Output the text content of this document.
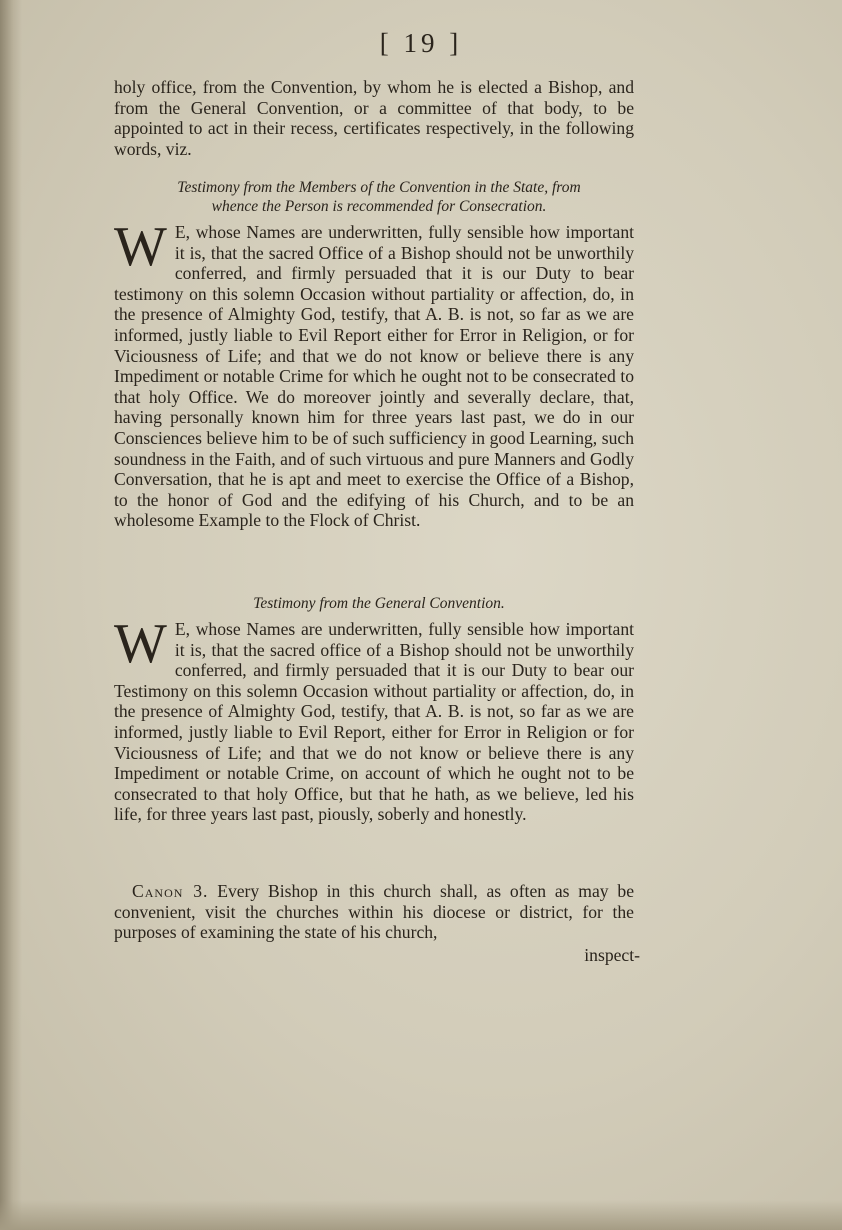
[ 19 ]

holy office, from the Convention, by whom he is elected a Bishop, and from the General Convention, or a committee of that body, to be appointed to act in their recess, certificates respectively, in the following words, viz.

Testimony from the Members of the Convention in the State, from
whence the Person is recommended for Consecration.
W E, whose Names are underwritten, fully sensible how important it is, that the sacred Office of a Bishop should not be unworthily conferred, and firmly persuaded that it is our Duty to bear testimony on this solemn Occasion without partiality or affection, do, in the presence of Almighty God, testify, that A. B. is not, so far as we are informed, justly liable to Evil Report either for Error in Religion, or for Viciousness of Life; and that we do not know or believe there is any Impediment or notable Crime for which he ought not to be consecrated to that holy Office. We do moreover jointly and severally declare, that, having personally known him for three years last past, we do in our Consciences believe him to be of such sufficiency in good Learning, such soundness in the Faith, and of such virtuous and pure Manners and Godly Conversation, that he is apt and meet to exercise the Office of a Bishop, to the honor of God and the edifying of his Church, and to be an wholesome Example to the Flock of Christ.
Testimony from the General Convention.
W E, whose Names are underwritten, fully sensible how important it is, that the sacred office of a Bishop should not be unworthily conferred, and firmly persuaded that it is our Duty to bear our Testimony on this solemn Occasion without partiality or affection, do, in the presence of Almighty God, testify, that A. B. is not, so far as we are informed, justly liable to Evil Report, either for Error in Religion or for Viciousness of Life; and that we do not know or believe there is any Impediment or notable Crime, on account of which he ought not to be consecrated to that holy Office, but that he hath, as we believe, led his life, for three years last past, piously, soberly and honestly.
Canon 3. Every Bishop in this church shall, as often as may be convenient, visit the churches within his diocese or district, for the purposes of examining the state of his church,
inspect-
